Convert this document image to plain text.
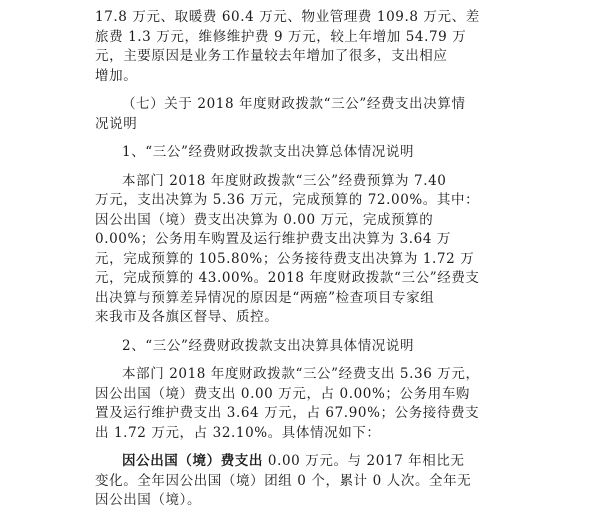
17.8 万元、取暖费 60.4 万元、物业管理费 109.8 万元、差
旅费 1.3 万元，维修维护费 9 万元，较上年增加 54.79 万
元，主要原因是业务工作量较去年增加了很多，支出相应
增加。
（七）关于 2018 年度财政拨款“三公”经费支出决算情
况说明
1、“三公”经费财政拨款支出决算总体情况说明
本部门 2018 年度财政拨款“三公”经费预算为 7.40
万元，支出决算为 5.36 万元，完成预算的 72.00%。其中：
因公出国（境）费支出决算为 0.00 万元，完成预算的
0.00%；公务用车购置及运行维护费支出决算为 3.64 万
元，完成预算的 105.80%；公务接待费支出决算为 1.72 万
元，完成预算的 43.00%。2018 年度财政拨款“三公”经费支
出决算与预算差异情况的原因是“两癌”检查项目专家组
来我市及各旗区督导、质控。
2、“三公”经费财政拨款支出决算具体情况说明
本部门 2018 年度财政拨款“三公”经费支出 5.36 万元，
因公出国（境）费支出 0.00 万元，占 0.00%；公务用车购
置及运行维护费支出 3.64 万元，占 67.90%；公务接待费支
出 1.72 万元，占 32.10%。具体情况如下：
因公出国（境）费支出 0.00 万元。与 2017 年相比无
变化。全年因公出国（境）团组 0 个，累计 0 人次。全年无
因公出国（境）。
